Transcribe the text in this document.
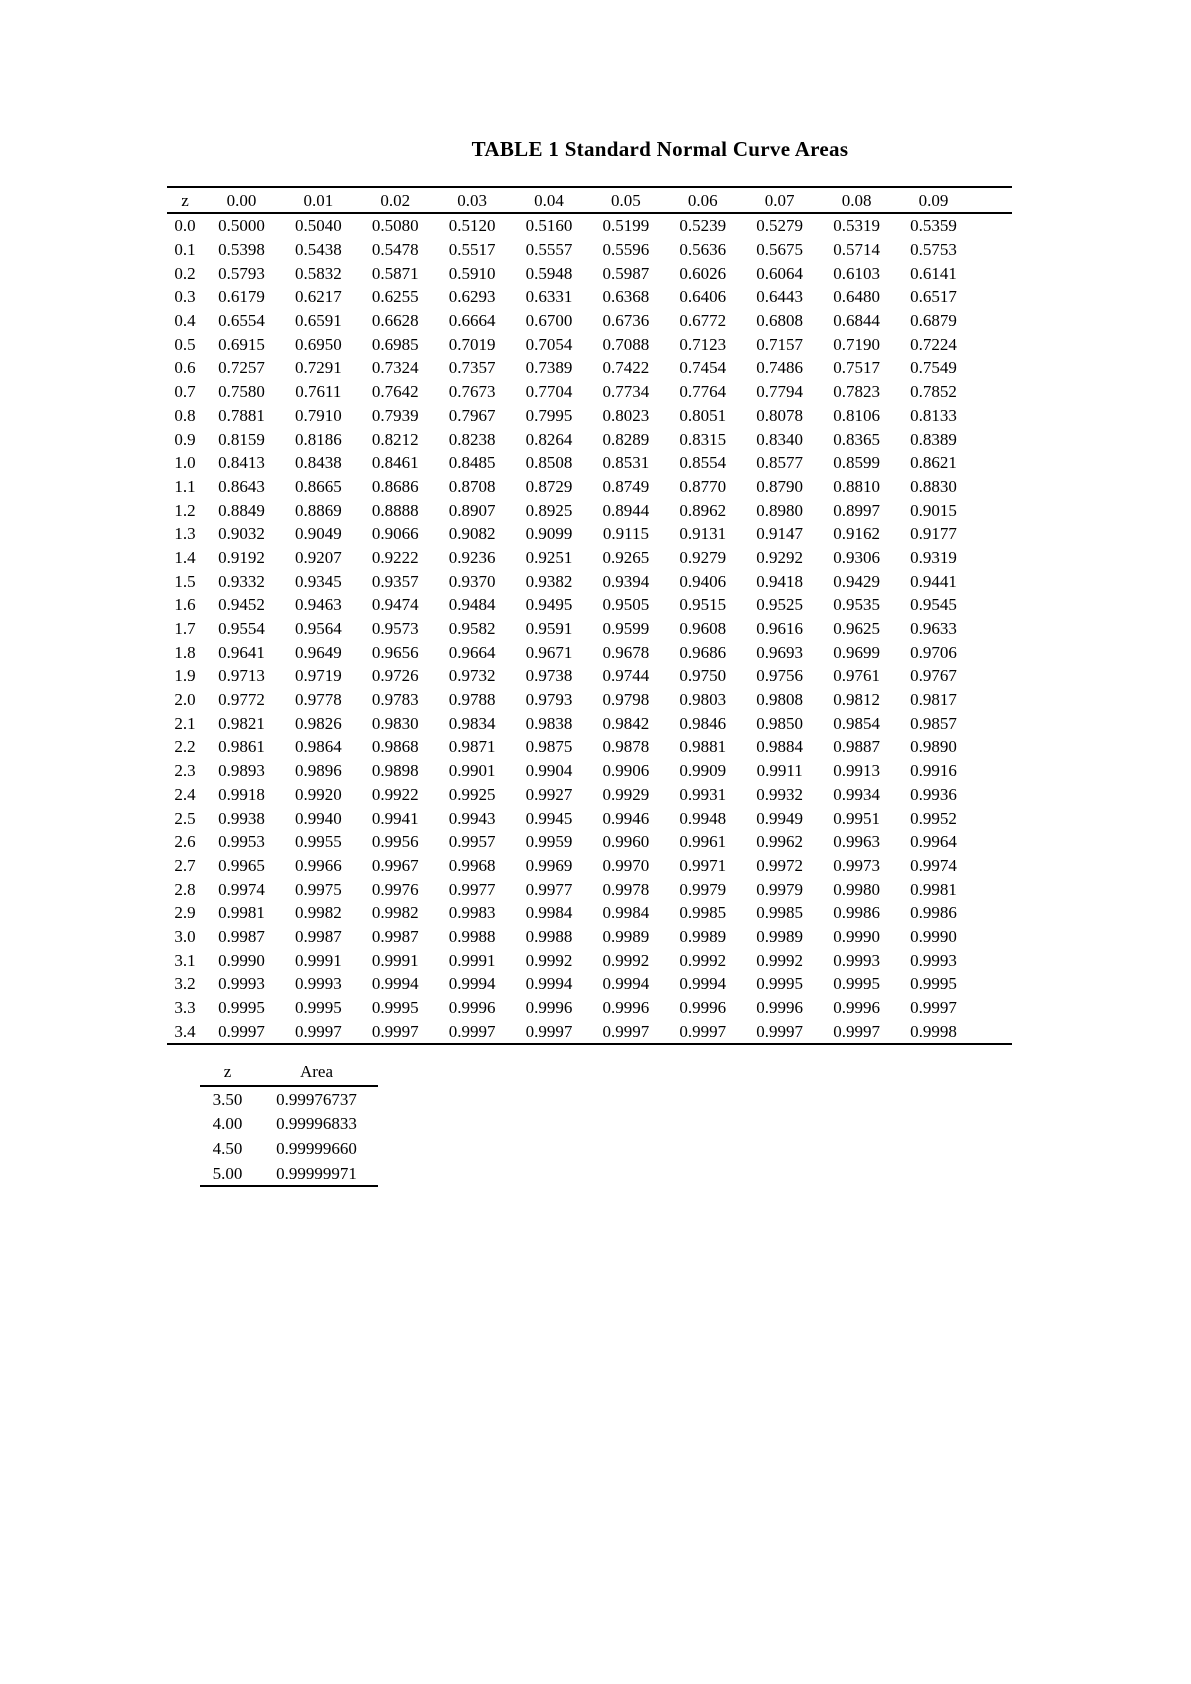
TABLE 1 Standard Normal Curve Areas
z	0.00	0.01	0.02	0.03	0.04	0.05	0.06	0.07	0.08	0.09	
0.0	0.5000	0.5040	0.5080	0.5120	0.5160	0.5199	0.5239	0.5279	0.5319	0.5359	
0.1	0.5398	0.5438	0.5478	0.5517	0.5557	0.5596	0.5636	0.5675	0.5714	0.5753	
0.2	0.5793	0.5832	0.5871	0.5910	0.5948	0.5987	0.6026	0.6064	0.6103	0.6141	
0.3	0.6179	0.6217	0.6255	0.6293	0.6331	0.6368	0.6406	0.6443	0.6480	0.6517	
0.4	0.6554	0.6591	0.6628	0.6664	0.6700	0.6736	0.6772	0.6808	0.6844	0.6879	
0.5	0.6915	0.6950	0.6985	0.7019	0.7054	0.7088	0.7123	0.7157	0.7190	0.7224	
0.6	0.7257	0.7291	0.7324	0.7357	0.7389	0.7422	0.7454	0.7486	0.7517	0.7549	
0.7	0.7580	0.7611	0.7642	0.7673	0.7704	0.7734	0.7764	0.7794	0.7823	0.7852	
0.8	0.7881	0.7910	0.7939	0.7967	0.7995	0.8023	0.8051	0.8078	0.8106	0.8133	
0.9	0.8159	0.8186	0.8212	0.8238	0.8264	0.8289	0.8315	0.8340	0.8365	0.8389	
1.0	0.8413	0.8438	0.8461	0.8485	0.8508	0.8531	0.8554	0.8577	0.8599	0.8621	
1.1	0.8643	0.8665	0.8686	0.8708	0.8729	0.8749	0.8770	0.8790	0.8810	0.8830	
1.2	0.8849	0.8869	0.8888	0.8907	0.8925	0.8944	0.8962	0.8980	0.8997	0.9015	
1.3	0.9032	0.9049	0.9066	0.9082	0.9099	0.9115	0.9131	0.9147	0.9162	0.9177	
1.4	0.9192	0.9207	0.9222	0.9236	0.9251	0.9265	0.9279	0.9292	0.9306	0.9319	
1.5	0.9332	0.9345	0.9357	0.9370	0.9382	0.9394	0.9406	0.9418	0.9429	0.9441	
1.6	0.9452	0.9463	0.9474	0.9484	0.9495	0.9505	0.9515	0.9525	0.9535	0.9545	
1.7	0.9554	0.9564	0.9573	0.9582	0.9591	0.9599	0.9608	0.9616	0.9625	0.9633	
1.8	0.9641	0.9649	0.9656	0.9664	0.9671	0.9678	0.9686	0.9693	0.9699	0.9706	
1.9	0.9713	0.9719	0.9726	0.9732	0.9738	0.9744	0.9750	0.9756	0.9761	0.9767	
2.0	0.9772	0.9778	0.9783	0.9788	0.9793	0.9798	0.9803	0.9808	0.9812	0.9817	
2.1	0.9821	0.9826	0.9830	0.9834	0.9838	0.9842	0.9846	0.9850	0.9854	0.9857	
2.2	0.9861	0.9864	0.9868	0.9871	0.9875	0.9878	0.9881	0.9884	0.9887	0.9890	
2.3	0.9893	0.9896	0.9898	0.9901	0.9904	0.9906	0.9909	0.9911	0.9913	0.9916	
2.4	0.9918	0.9920	0.9922	0.9925	0.9927	0.9929	0.9931	0.9932	0.9934	0.9936	
2.5	0.9938	0.9940	0.9941	0.9943	0.9945	0.9946	0.9948	0.9949	0.9951	0.9952	
2.6	0.9953	0.9955	0.9956	0.9957	0.9959	0.9960	0.9961	0.9962	0.9963	0.9964	
2.7	0.9965	0.9966	0.9967	0.9968	0.9969	0.9970	0.9971	0.9972	0.9973	0.9974	
2.8	0.9974	0.9975	0.9976	0.9977	0.9977	0.9978	0.9979	0.9979	0.9980	0.9981	
2.9	0.9981	0.9982	0.9982	0.9983	0.9984	0.9984	0.9985	0.9985	0.9986	0.9986	
3.0	0.9987	0.9987	0.9987	0.9988	0.9988	0.9989	0.9989	0.9989	0.9990	0.9990	
3.1	0.9990	0.9991	0.9991	0.9991	0.9992	0.9992	0.9992	0.9992	0.9993	0.9993	
3.2	0.9993	0.9993	0.9994	0.9994	0.9994	0.9994	0.9994	0.9995	0.9995	0.9995	
3.3	0.9995	0.9995	0.9995	0.9996	0.9996	0.9996	0.9996	0.9996	0.9996	0.9997	
3.4	0.9997	0.9997	0.9997	0.9997	0.9997	0.9997	0.9997	0.9997	0.9997	0.9998	
z	Area
3.50	0.99976737
4.00	0.99996833
4.50	0.99999660
5.00	0.99999971
